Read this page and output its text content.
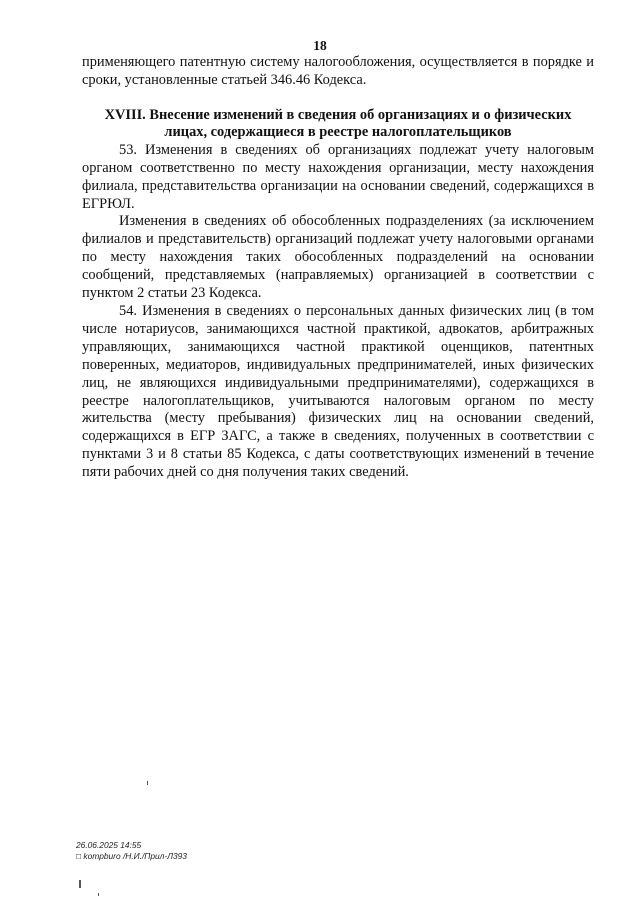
18

применяющего патентную систему налогообложения, осуществляется в порядке и сроки, установленные статьей 346.46 Кодекса.

XVIII. Внесение изменений в сведения об организациях и о физических лицах, содержащиеся в реестре налогоплательщиков

53. Изменения в сведениях об организациях подлежат учету налоговым органом соответственно по месту нахождения организации, месту нахождения филиала, представительства организации на основании сведений, содержащихся в ЕГРЮЛ.

Изменения в сведениях об обособленных подразделениях (за исключением филиалов и представительств) организаций подлежат учету налоговыми органами по месту нахождения таких обособленных подразделений на основании сообщений, представляемых (направляемых) организацией в соответствии с пунктом 2 статьи 23 Кодекса.

54. Изменения в сведениях о персональных данных физических лиц (в том числе нотариусов, занимающихся частной практикой, адвокатов, арбитражных управляющих, занимающихся частной практикой оценщиков, патентных поверенных, медиаторов, индивидуальных предпринимателей, иных физических лиц, не являющихся индивидуальными предпринимателями), содержащихся в реестре налогоплательщиков, учитываются налоговым органом по месту жительства (месту пребывания) физических лиц на основании сведений, содержащихся в ЕГР ЗАГС, а также в сведениях, полученных в соответствии с пунктами 3 и 8 статьи 85 Кодекса, с даты соответствующих изменений в течение пяти рабочих дней со дня получения таких сведений.

26.06.2025 14:55
□ kompburo /Н.И./Прил-Л393
